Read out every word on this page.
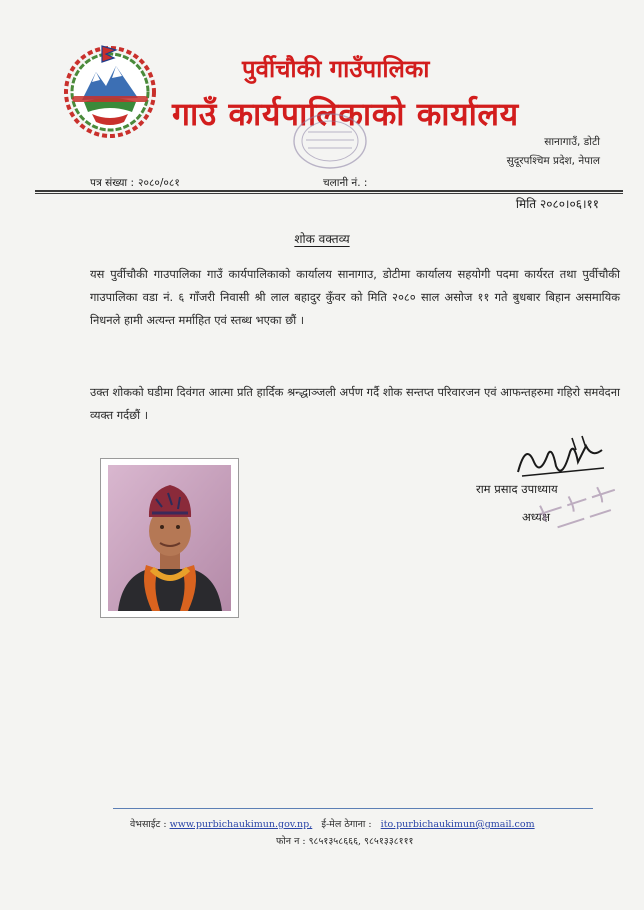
पुर्वीचौकी गाउँपालिका
गाउँ कार्यपालिकाको कार्यालय
सानागाउँ, डोटी
सुदूरपश्चिम प्रदेश, नेपाल
पत्र संख्या : २०८०/०८१	चलानी नं. :
मिति २०८०।०६।११
शोक वक्तव्य
यस पुर्वीचौकी गाउपालिका गाउँ कार्यपालिकाको कार्यालय सानागाउ, डोटीमा कार्यालय सहयोगी पदमा कार्यरत तथा पुर्वीचौकी गाउपालिका वडा नं. ६ गाँजरी निवासी श्री लाल बहादुर कुँवर को मिति २०८० साल असोज ११ गते बुधबार बिहान असमायिक निधनले हामी अत्यन्त मर्माहित एवं स्तब्ध भएका छौं ।
उक्त शोकको घडीमा दिवंगत आत्मा प्रति हार्दिक श्रन्द्धाञ्जली अर्पण गर्दै शोक सन्तप्त परिवारजन एवं आफन्तहरुमा गहिरो समवेदना व्यक्त गर्दछौं ।
राम प्रसाद उपाध्याय
अध्यक्ष
वेभसाईट : www.purbichaukimun.gov.np, ई-मेल ठेगाना : ito.purbichaukimun@gmail.com
फोन न : ९८५१३५८६६६, ९८५१३३८१११
